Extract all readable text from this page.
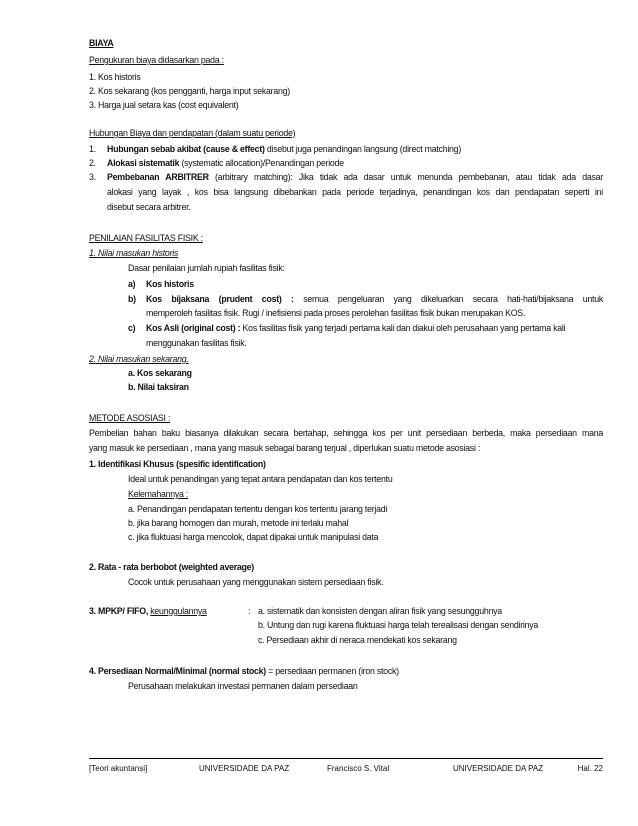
BIAYA
Pengukuran biaya didasarkan pada :
1. Kos historis
2. Kos sekarang (kos pengganti, harga input sekarang)
3. Harga jual setara kas (cost equivalent)
Hubungan Biaya dan pendapatan (dalam suatu periode)
1. Hubungan sebab akibat (cause & effect) disebut juga penandingan langsung (direct matching)
2. Alokasi sistematik (systematic allocation)/Penandingan periode
3. Pembebanan ARBITRER (arbitrary matching): Jika tidak ada dasar untuk menunda pembebanan, atau tidak ada dasar
alokasi yang layak , kos bisa langsung dibebankan pada periode terjadinya, penandingan kos dan pendapatan seperti ini
disebut secara arbitrer.
PENILAIAN FASILITAS FISIK :
1. Nilai masukan historis
Dasar penilaian jumlah rupiah fasilitas fisik:
a) Kos historis
b) Kos bijaksana (prudent cost) : semua pengeluaran yang dikeluarkan secara hati-hati/bijaksana untuk
memperoleh fasilitas fisik. Rugi / inefisiensi pada proses perolehan fasilitas fisik bukan merupakan KOS.
c) Kos Asli (original cost) : Kos fasilitas fisik yang terjadi pertama kali dan diakui oleh perusahaan yang pertama kali
menggunakan fasilitas fisik.
2. Nilai masukan sekarang.
a. Kos sekarang
b. Nilai taksiran
METODE ASOSIASI :
Pembelian bahan baku biasanya dilakukan secara bertahap, sehingga kos per unit persediaan berbeda, maka persediaan mana
yang masuk ke persediaan , mana yang masuk sebagai barang terjual , diperlukan suatu metode asosiasi :
1. Identifikasi Khusus (spesific identification)
Ideal untuk penandingan yang tepat antara pendapatan dan kos tertentu
Kelemahannya :
a. Penandingan pendapatan tertentu dengan kos tertentu jarang terjadi
b. jika barang homogen dan murah, metode ini terlalu mahal
c. jika fluktuasi harga mencolok, dapat dipakai untuk manipulasi data
2. Rata - rata berbobot (weighted average)
Cocok untuk perusahaan yang menggunakan sistem persediaan fisik.
3. MPKP/ FIFO, keunggulannya	: a. sistematik dan konsisten dengan aliran fisik yang sesungguhnya
b. Untung dan rugi karena fluktuasi harga telah terealisasi dengan sendirinya
c. Persediaan akhir di neraca mendekati kos sekarang
4. Persediaan Normal/Minimal (normal stock) = persediaan permanen (iron stock)
Perusahaan melakukan investasi permanen dalam persediaan
[Teori akuntansi]	UNIVERSIDADE DA PAZ	Francisco S. Vital	UNIVERSIDADE DA PAZ	Hal. 22
